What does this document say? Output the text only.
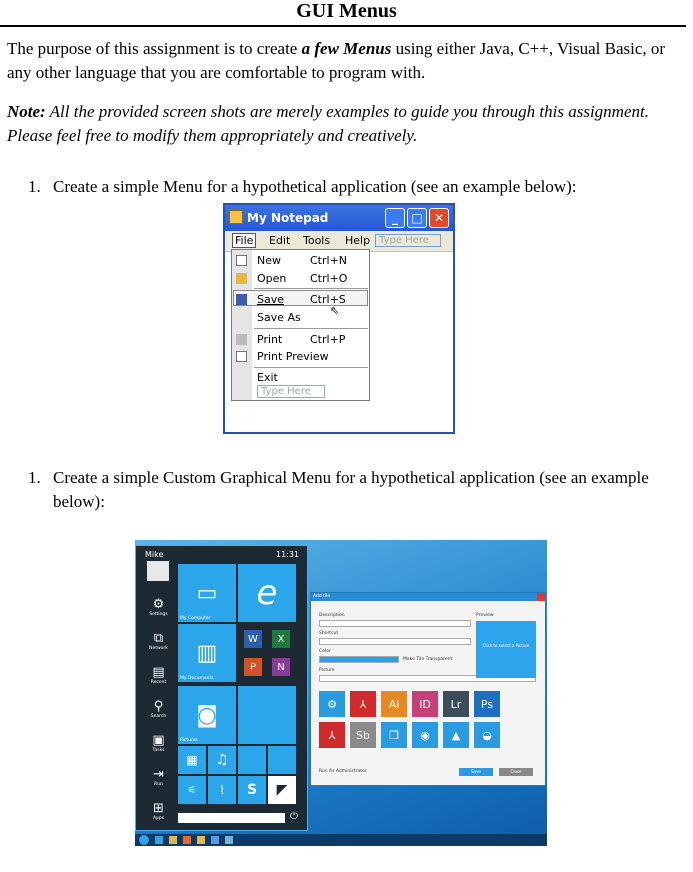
GUI Menus
The purpose of this assignment is to create a few Menus using either Java, C++, Visual Basic, or any other language that you are comfortable to program with.
Note: All the provided screen shots are merely examples to guide you through this assignment. Please feel free to modify them appropriately and creatively.
1. Create a simple Menu for a hypothetical application (see an example below):
My Notepad	_	□ ✕
File Edit Tools Help Type Here
New	Ctrl+N
Open Ctrl+O
Save Ctrl+S
⇖
Save As
Print	Ctrl+P
Print Preview
Exit
Type Here
1. Create a simple Custom Graphical Menu for a hypothetical application (see an example below):
Mike	11:31
⚙
Settings
⧉
Network
▤
Recent
⚲
Search
▣
Tasks
⇥
Run
⊞
Apps
▭
My Computer
e
▥
My Documents
W	X
P	N
◙
Pictures
▦	♫
⚟	⌇	S	◤
⏻
Add tile
Description	Preview
Shortcut
Color
Make Tile Transparent
Picture
Click to select a Picture
⚙	⅄	Ai ID Lr Ps
⅄	Sb	❐	◉	▲	◒
Run As Administrator	Save	Close
